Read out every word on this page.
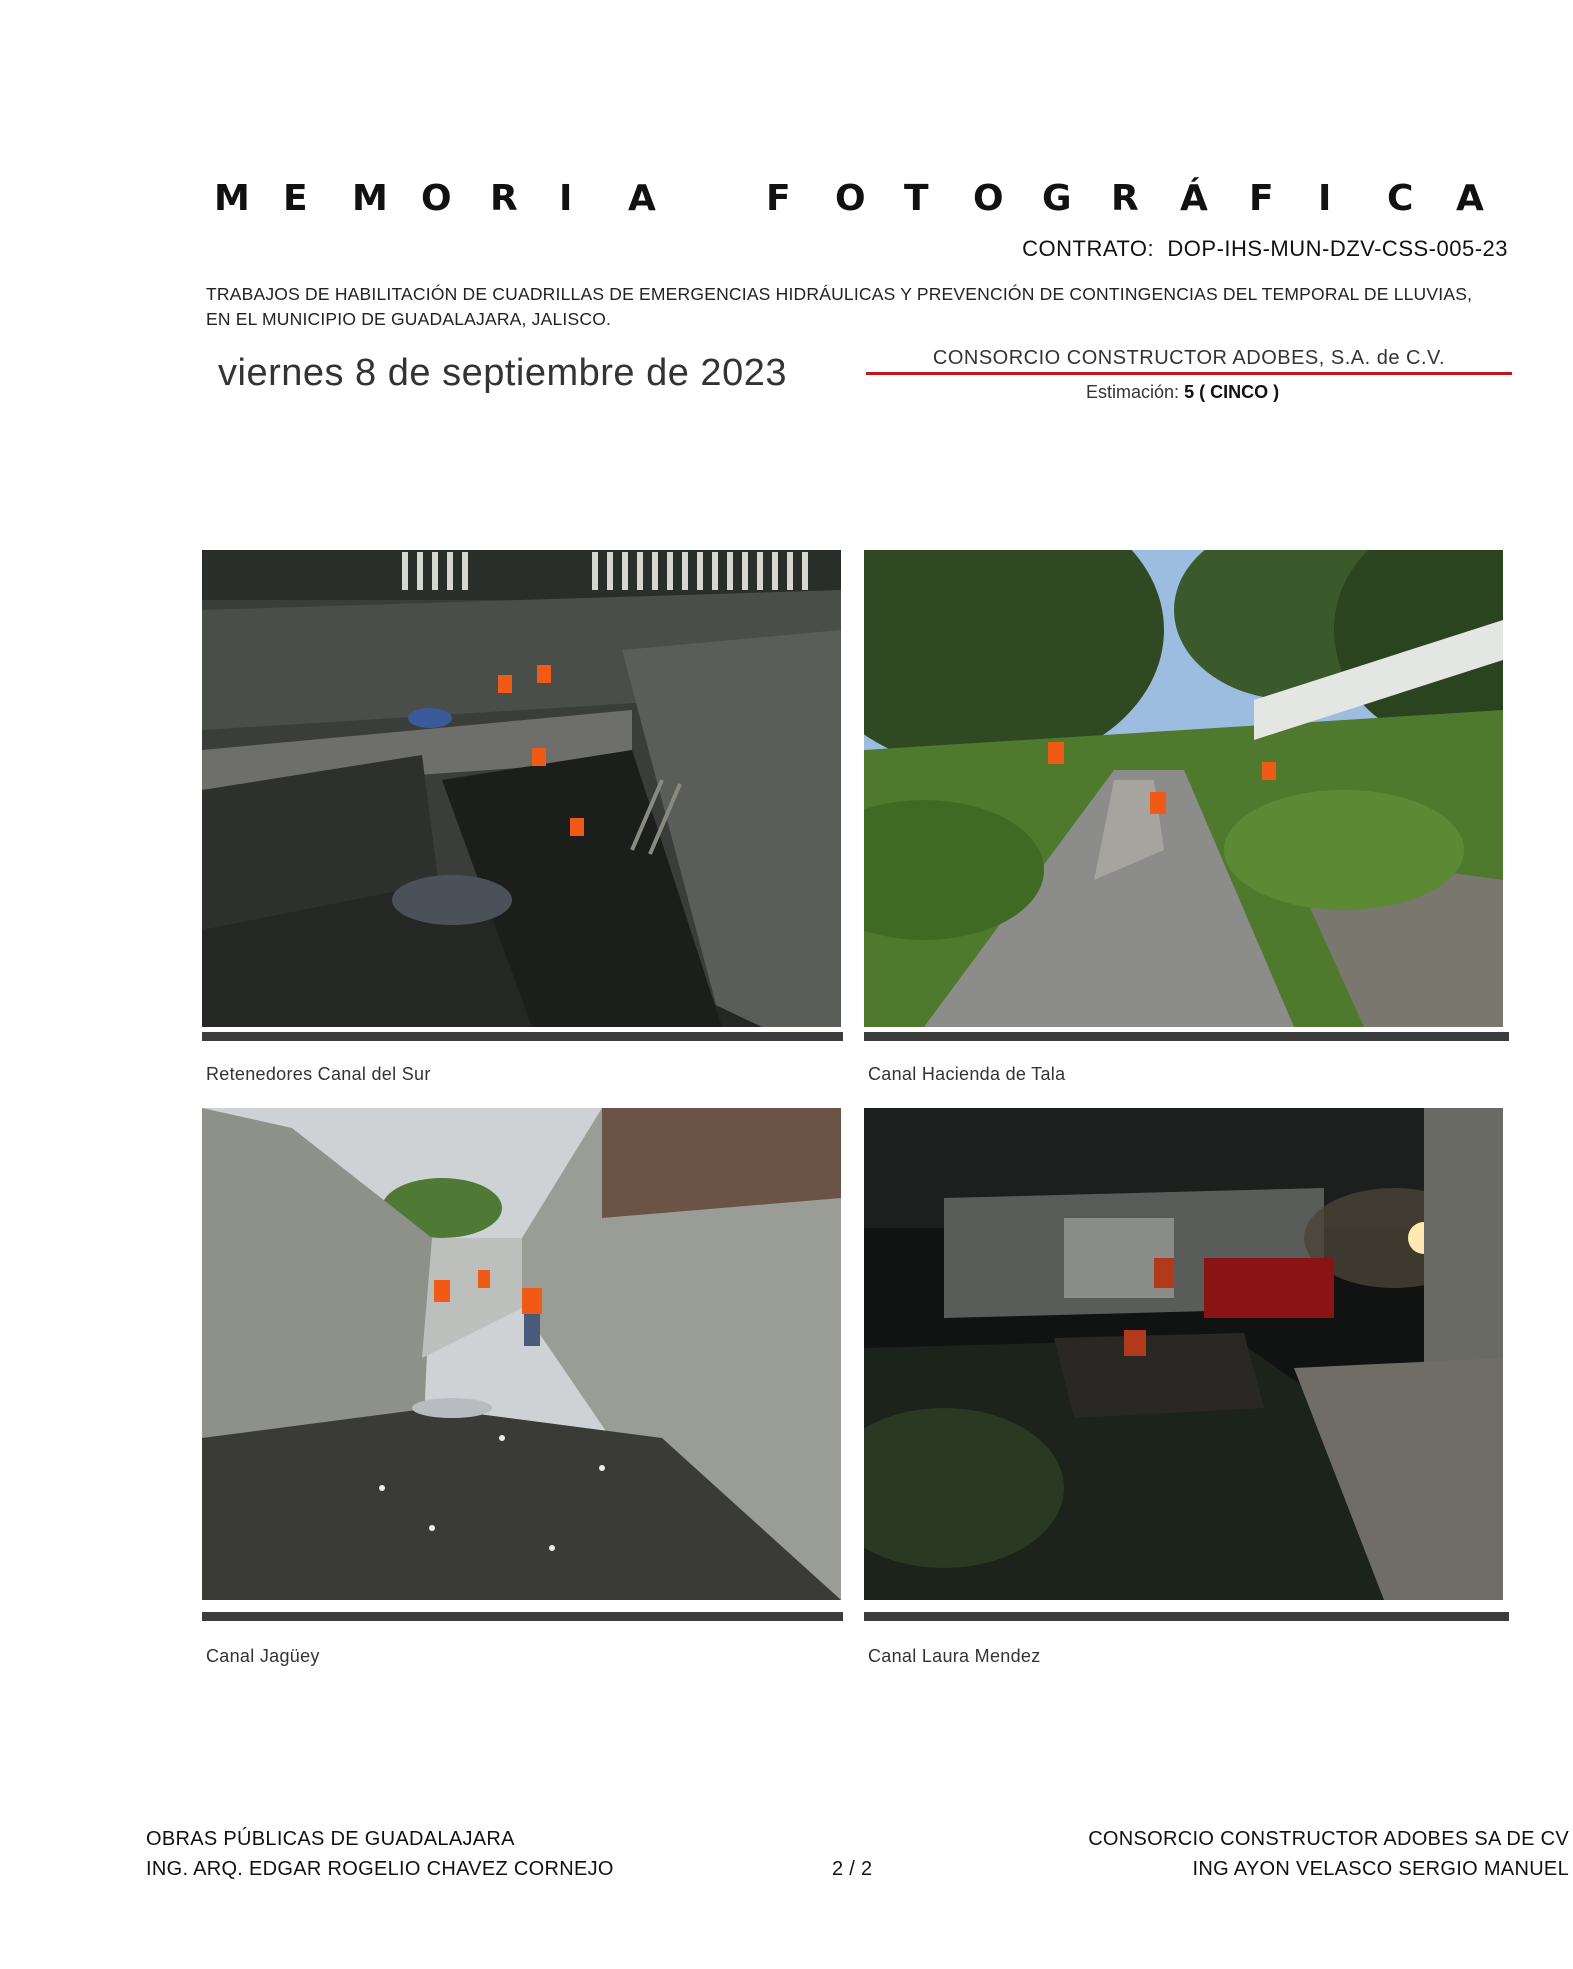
M E M O R I A	F O T O G R Á F I C A
CONTRATO: DOP-IHS-MUN-DZV-CSS-005-23
TRABAJOS DE HABILITACIÓN DE CUADRILLAS DE EMERGENCIAS HIDRÁULICAS Y PREVENCIÓN DE CONTINGENCIAS DEL TEMPORAL DE LLUVIAS,
EN EL MUNICIPIO DE GUADALAJARA, JALISCO.
viernes 8 de septiembre de 2023	CONSORCIO CONSTRUCTOR ADOBES, S.A. de C.V.
Estimación: 5 ( CINCO )
Retenedores Canal del Sur	Canal Hacienda de Tala
Canal Jagüey	Canal Laura Mendez
OBRAS PÚBLICAS DE GUADALAJARA
ING. ARQ. EDGAR ROGELIO CHAVEZ CORNEJO	2 / 2
CONSORCIO CONSTRUCTOR ADOBES SA DE CV
ING AYON VELASCO SERGIO MANUEL
